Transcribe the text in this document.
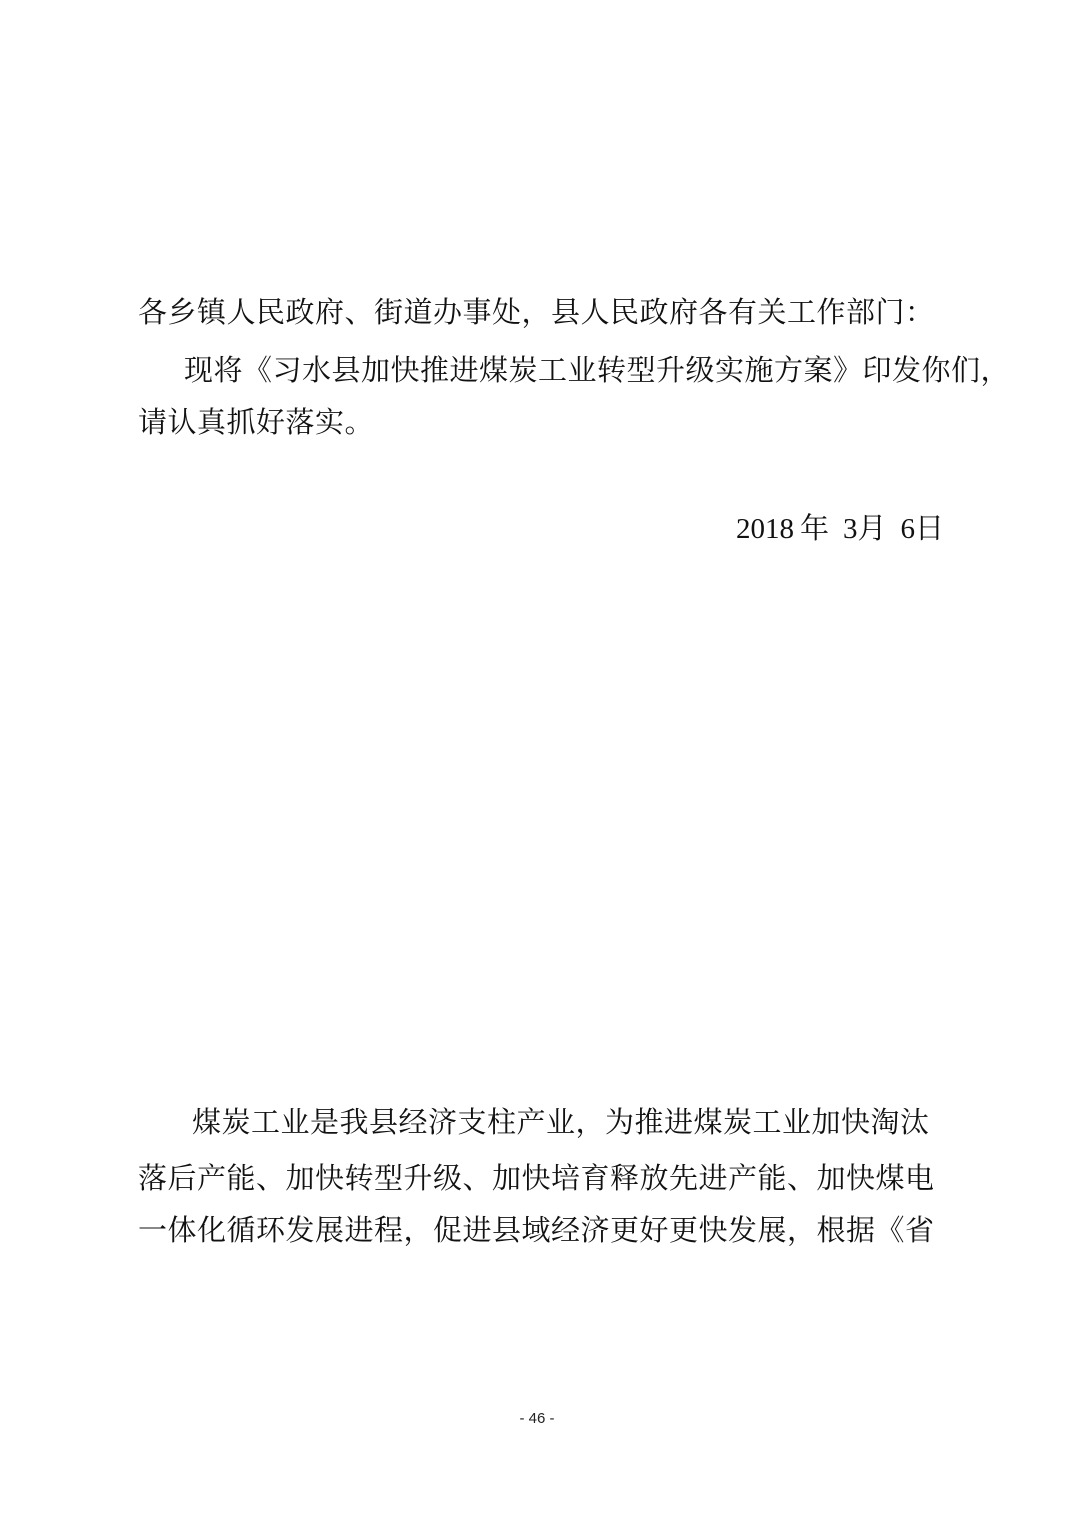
各乡镇人民政府、街道办事处，县人民政府各有关工作部门：
现将《习水县加快推进煤炭工业转型升级实施方案》印发你们，
请认真抓好落实。
2018 年 3月 6日
煤炭工业是我县经济支柱产业，为推进煤炭工业加快淘汰
落后产能、加快转型升级、加快培育释放先进产能、加快煤电
一体化循环发展进程，促进县域经济更好更快发展，根据《省
- 46 -
